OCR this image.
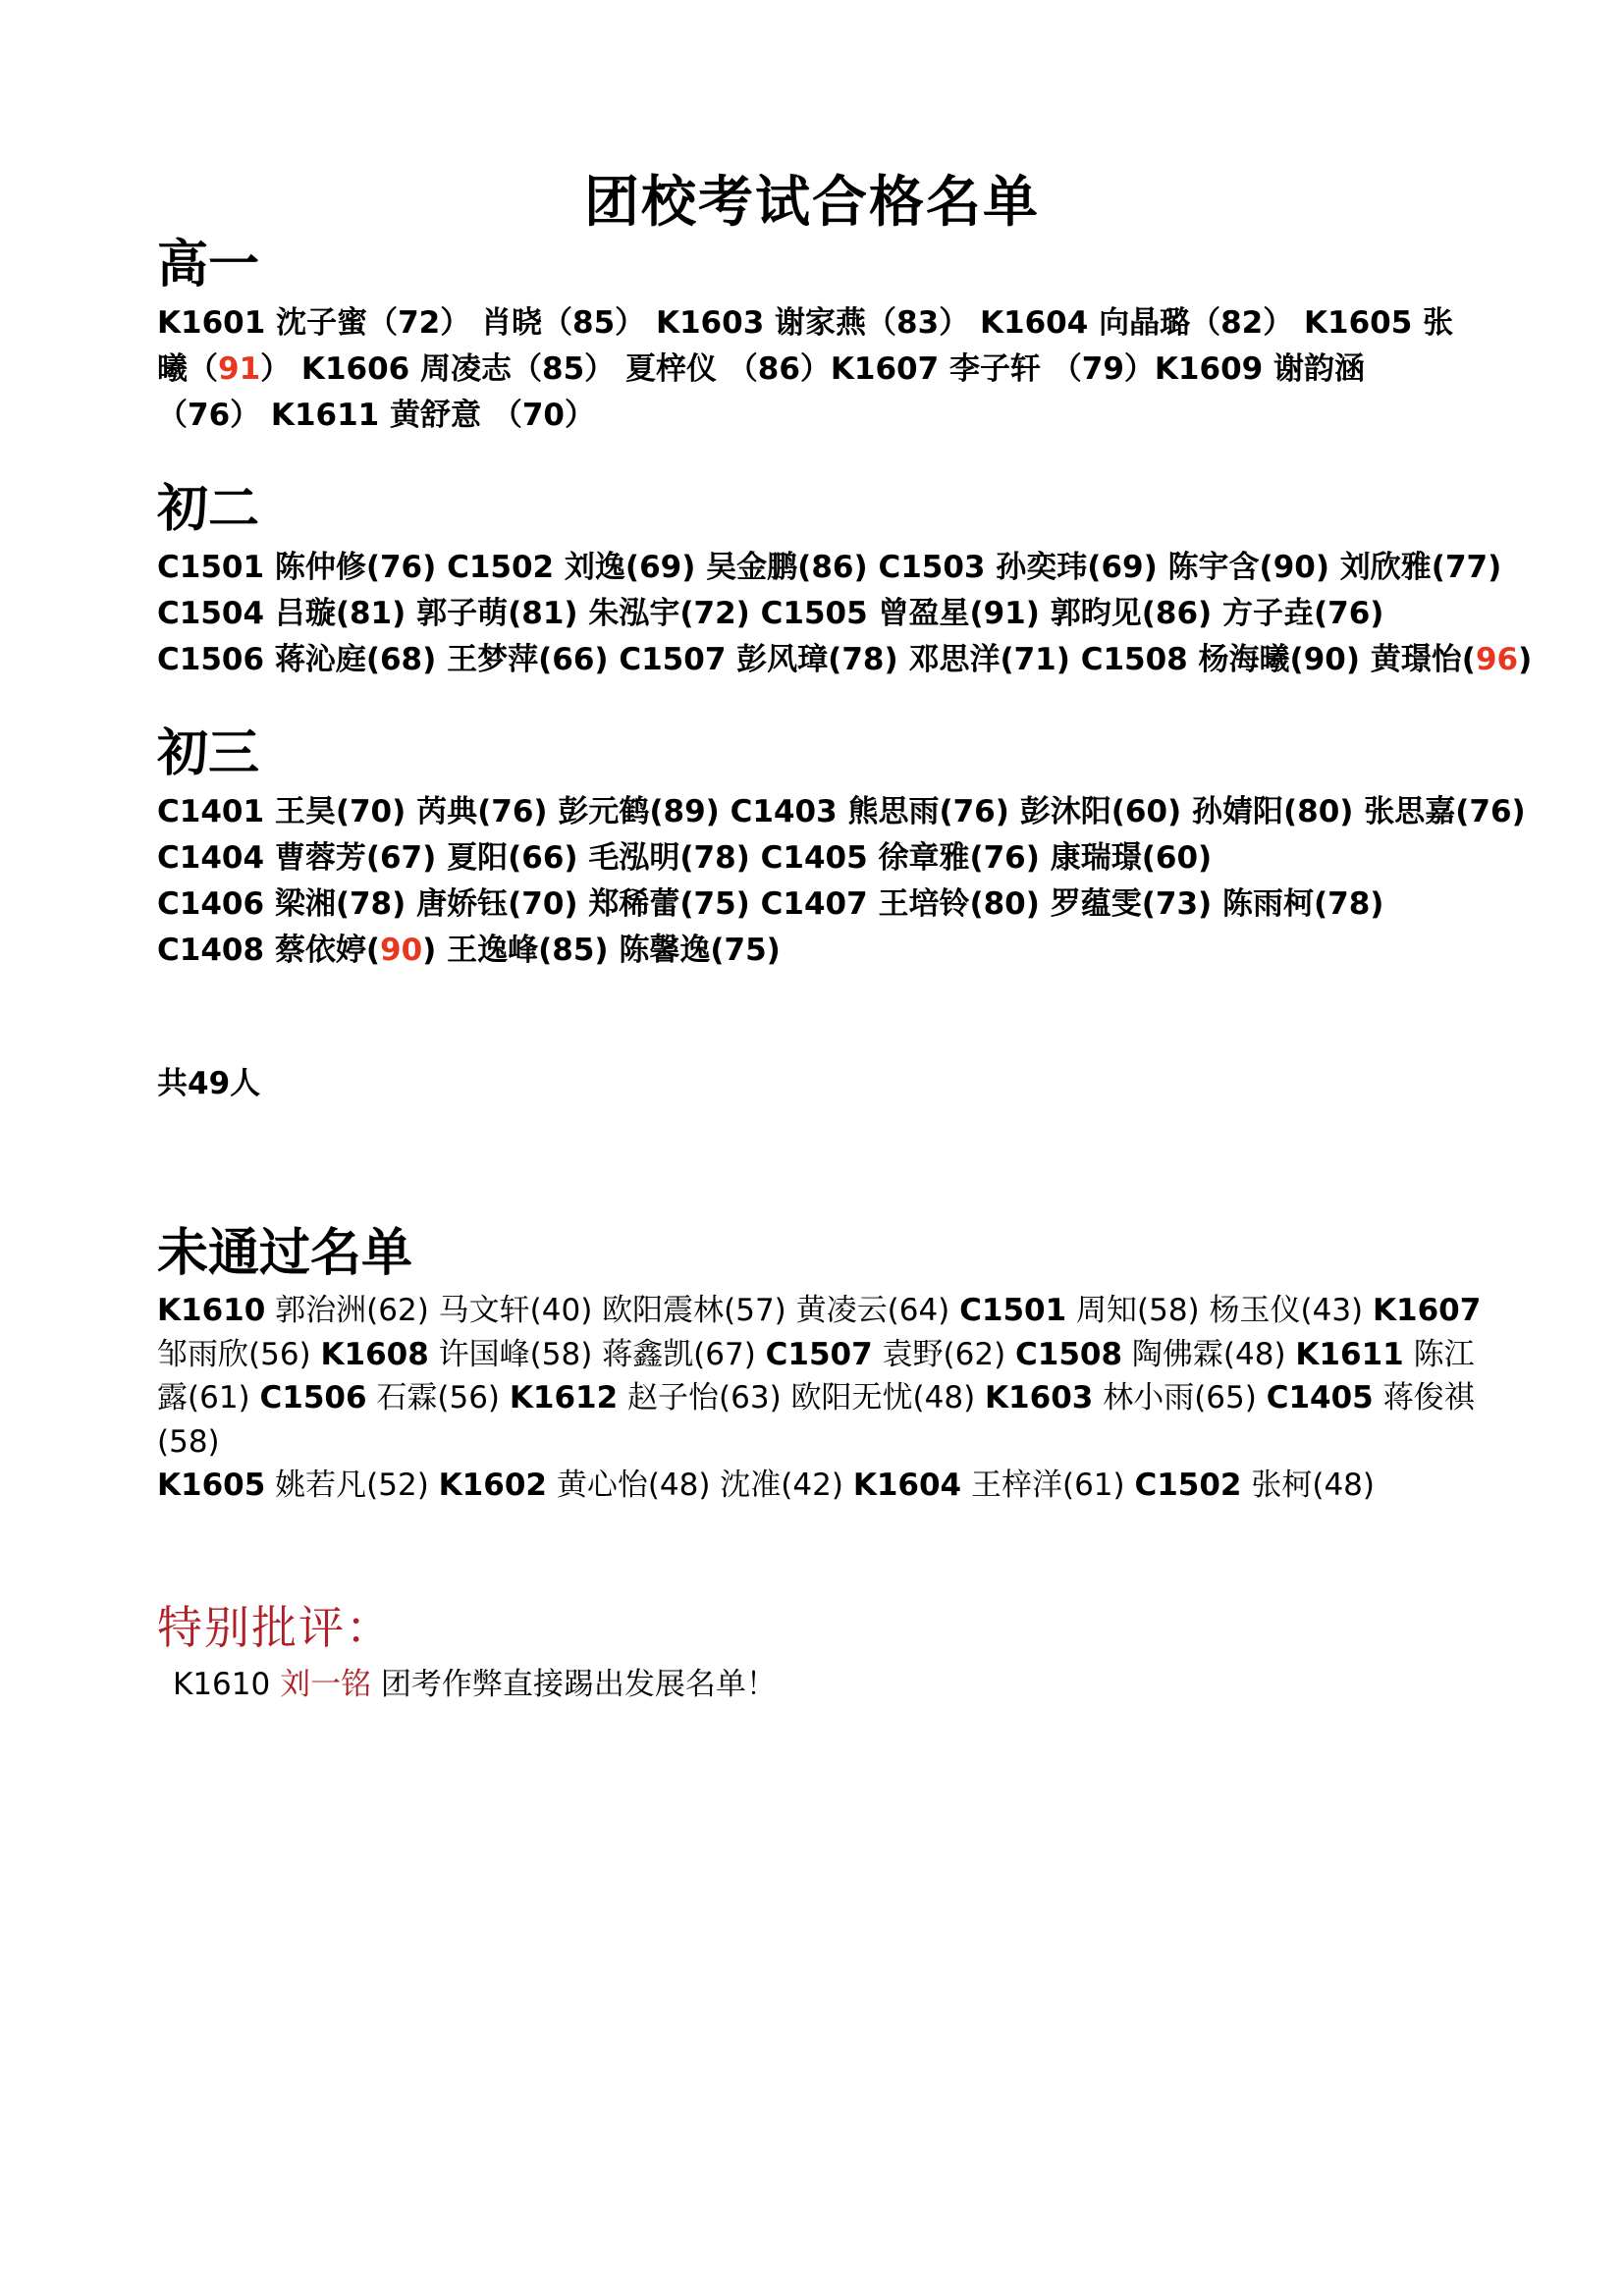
团校考试合格名单
高一
K1601 沈子蜜（72） 肖晓（85） K1603 谢家燕（83） K1604 向晶璐（82） K1605 张
曦（91） K1606 周凌志（85） 夏梓仪 （86）K1607 李子轩 （79）K1609 谢韵涵
（76） K1611 黄舒意 （70）
初二
C1501 陈仲修(76) C1502 刘逸(69) 吴金鹏(86) C1503 孙奕玮(69) 陈宇含(90) 刘欣雅(77)
C1504 吕璇(81) 郭子萌(81) 朱泓宇(72) C1505 曾盈星(91) 郭昀见(86) 方子垚(76)
C1506 蒋沁庭(68) 王梦萍(66) C1507 彭风璋(78) 邓思洋(71) C1508 杨海曦(90) 黄璟怡(96)
初三
C1401 王昊(70) 芮典(76) 彭元鹤(89) C1403 熊思雨(76) 彭沐阳(60) 孙婧阳(80) 张思嘉(76)
C1404 曹蓉芳(67) 夏阳(66) 毛泓明(78) C1405 徐章雅(76) 康瑞璟(60)
C1406 梁湘(78) 唐娇钰(70) 郑稀蕾(75) C1407 王培铃(80) 罗蕴雯(73) 陈雨柯(78)
C1408 蔡依婷(90) 王逸峰(85) 陈馨逸(75)
共49人
未通过名单
K1610 郭治洲(62) 马文轩(40) 欧阳震林(57) 黄凌云(64) C1501 周知(58) 杨玉仪(43) K1607
邹雨欣(56) K1608 许国峰(58) 蒋鑫凯(67) C1507 袁野(62) C1508 陶佛霖(48) K1611 陈江
露(61) C1506 石霖(56) K1612 赵子怡(63) 欧阳无忧(48) K1603 林小雨(65) C1405 蒋俊祺
(58)
K1605 姚若凡(52) K1602 黄心怡(48) 沈准(42) K1604 王梓洋(61) C1502 张柯(48)
特别批评：
K1610 刘一铭 团考作弊直接踢出发展名单！
